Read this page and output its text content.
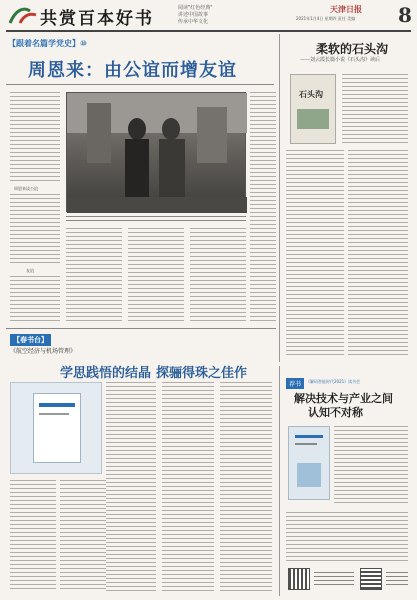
共赏百本好书
阅读"红色经典"
讲述中国故事
传承中华文化
天津日报
2021年1月4日 星期四 责任 美编 8
【跟着名篇学党史】⑩
周恩来：由公谊而增友谊
周恩来谈公谊
友谊
柔软的石头沟
——刘云霞长篇小说《石头沟》读后
石头沟
【春书台】
《航空经济与机场管理》
学思践悟的结晶 探骊得珠之佳作
荐书	《解码智能时代2021》读书会
解决技术与产业之间
认知不对称
